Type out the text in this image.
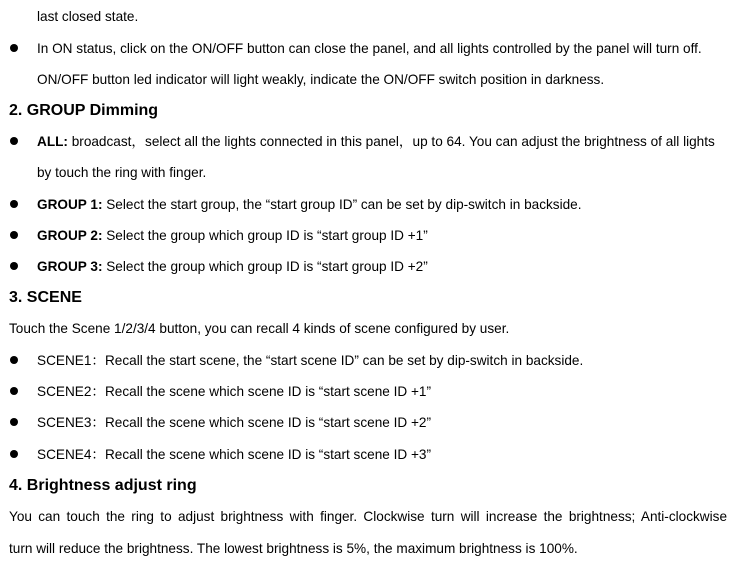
last closed state.
In ON status, click on the ON/OFF button can close the panel, and all lights controlled by the panel will turn off.
ON/OFF button led indicator will light weakly, indicate the ON/OFF switch position in darkness.
2. GROUP Dimming
ALL: broadcast，select all the lights connected in this panel，up to 64. You can adjust the brightness of all lights
by touch the ring with finger.
GROUP 1: Select the start group, the “start group ID” can be set by dip-switch in backside.
GROUP 2: Select the group which group ID is “start group ID +1”
GROUP 3: Select the group which group ID is “start group ID +2”
3. SCENE
Touch the Scene 1/2/3/4 button, you can recall 4 kinds of scene configured by user.
SCENE1：Recall the start scene, the “start scene ID” can be set by dip-switch in backside.
SCENE2：Recall the scene which scene ID is “start scene ID +1”
SCENE3：Recall the scene which scene ID is “start scene ID +2”
SCENE4：Recall the scene which scene ID is “start scene ID +3”
4. Brightness adjust ring
You can touch the ring to adjust brightness with finger. Clockwise turn will increase the brightness; Anti-clockwise
turn will reduce the brightness. The lowest brightness is 5%, the maximum brightness is 100%.
